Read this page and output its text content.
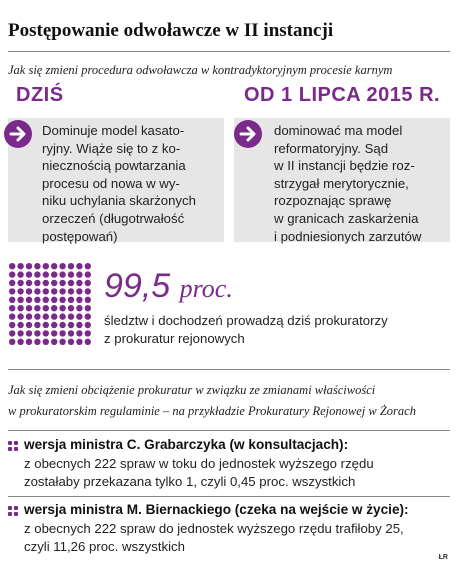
Postępowanie odwoławcze w II instancji
Jak się zmieni procedura odwoławcza w kontradyktoryjnym procesie karnym
DZIŚ	OD 1 LIPCA 2015 R.
Dominuje model kasato-
ryjny. Wiąże się to z ko-
niecznością powtarzania
procesu od nowa w wy-
niku uchylania skarżonych
orzeczeń (długotrwałość
postępowań)
dominować ma model
reformatoryjny. Sąd
w II instancji będzie roz-
strzygał merytorycznie,
rozpoznając sprawę
w granicach zaskarżenia
i podniesionych zarzutów
99,5 proc.
śledztw i dochodzeń prowadzą dziś prokuratorzy
z prokuratur rejonowych
Jak się zmieni obciążenie prokuratur w związku ze zmianami właściwości
w prokuratorskim regulaminie – na przykładzie Prokuratury Rejonowej w Żorach
wersja ministra C. Grabarczyka (w konsultacjach):
z obecnych 222 spraw w toku do jednostek wyższego rzędu
zostałaby przekazana tylko 1, czyli 0,45 proc. wszystkich
wersja ministra M. Biernackiego (czeka na wejście w życie):
z obecnych 222 spraw do jednostek wyższego rzędu trafiłoby 25,
czyli 11,26 proc. wszystkich
ŁR
